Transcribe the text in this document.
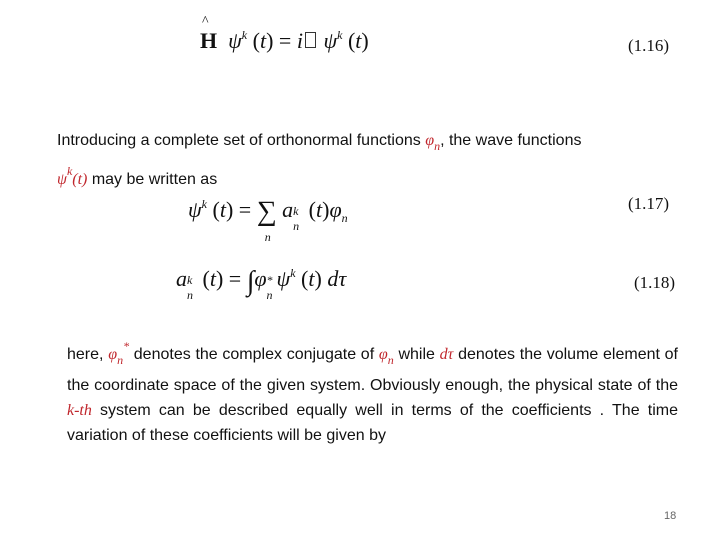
H
^
$\psi^k$ (t) = i $\psi^k$ (t)	(1.16)
Introducing a complete set of orthonormal functions $\varphi_n$, the wave functions
$\psi^k(t)$ may be written as
$\psi^k$ (t) = ∑
n
a k
n
$(t)\varphi_n$
(1.17)
a k
n
(t) = ∫φ *
n
$\psi^k$ (t) dτ	(1.18)
here, $\varphi_n^*$ denotes the complex conjugate of $\varphi_n$ while dτ denotes the volume element of the coordinate space of the given system. Obviously enough, the physical state of the k-th system can be described equally well in terms of the coefficients . The time variation of these coefficients will be given by
18
